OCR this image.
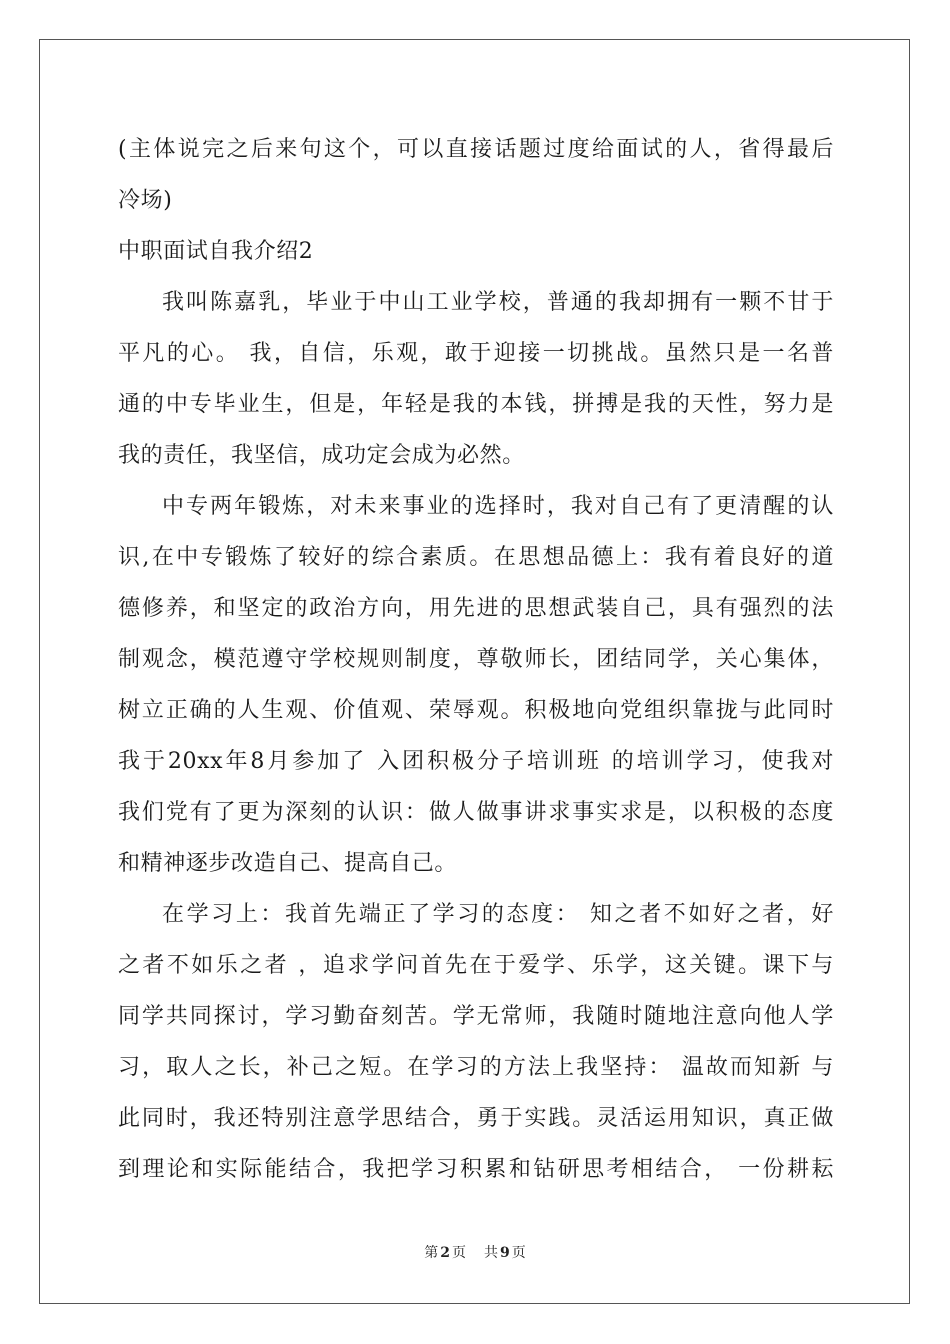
(主体说完之后来句这个，可以直接话题过度给面试的人，省得最后
冷场)
中职面试自我介绍2
我叫陈嘉乳，毕业于中山工业学校，普通的我却拥有一颗不甘于
平凡的心。 我，自信，乐观，敢于迎接一切挑战。虽然只是一名普
通的中专毕业生，但是，年轻是我的本钱，拼搏是我的天性，努力是
我的责任，我坚信，成功定会成为必然。
中专两年锻炼，对未来事业的选择时，我对自己有了更清醒的认
识,在中专锻炼了较好的综合素质。在思想品德上：我有着良好的道
德修养，和坚定的政治方向，用先进的思想武装自己，具有强烈的法
制观念，模范遵守学校规则制度，尊敬师长，团结同学，关心集体，
树立正确的人生观、价值观、荣辱观。积极地向党组织靠拢与此同时
我于20xx年8月参加了 入团积极分子培训班 的培训学习，使我对
我们党有了更为深刻的认识：做人做事讲求事实求是，以积极的态度
和精神逐步改造自己、提高自己。
在学习上：我首先端正了学习的态度： 知之者不如好之者，好
之者不如乐之者 ，追求学问首先在于爱学、乐学，这关键。课下与
同学共同探讨，学习勤奋刻苦。学无常师，我随时随地注意向他人学
习，取人之长，补己之短。在学习的方法上我坚持： 温故而知新 与
此同时，我还特别注意学思结合，勇于实践。灵活运用知识，真正做
到理论和实际能结合，我把学习积累和钻研思考相结合， 一份耕耘
第 2 页 共 9 页
